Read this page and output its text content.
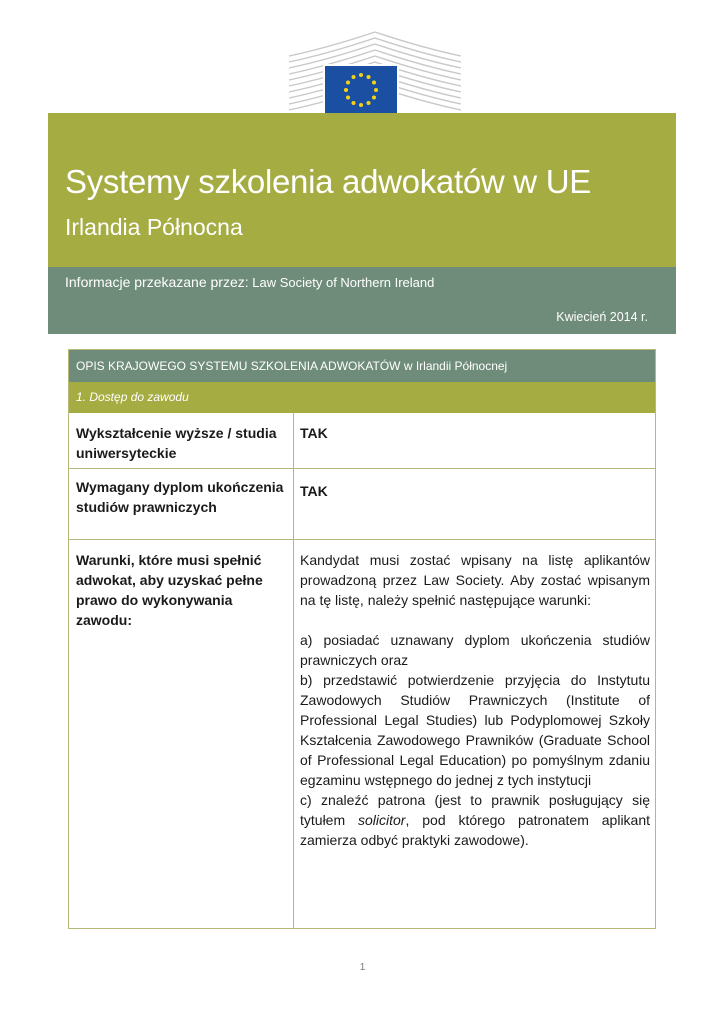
Systemy szkolenia adwokatów w UE
Irlandia Północna
Informacje przekazane przez: Law Society of Northern Ireland
Kwiecień 2014 r.
OPIS KRAJOWEGO SYSTEMU SZKOLENIA ADWOKATÓW w Irlandii Północnej
1. Dostęp do zawodu
Wykształcenie wyższe / studia uniwersyteckie
TAK
Wymagany dyplom ukończenia studiów prawniczych
TAK
Warunki, które musi spełnić adwokat, aby uzyskać pełne prawo do wykonywania zawodu:

Kandydat musi zostać wpisany na listę aplikantów prowadzoną przez Law Society. Aby zostać wpisanym na tę listę, należy spełnić następujące warunki:

a) posiadać uznawany dyplom ukończenia studiów prawniczych oraz

b) przedstawić potwierdzenie przyjęcia do Instytutu Zawodowych Studiów Prawniczych (Institute of Professional Legal Studies) lub Podyplomowej Szkoły Kształcenia Zawodowego Prawników (Graduate School of Professional Legal Education) po pomyślnym zdaniu egzaminu wstępnego do jednej z tych instytucji

c) znaleźć patrona (jest to prawnik posługujący się tytułem solicitor, pod którego patronatem aplikant zamierza odbyć praktyki zawodowe).

1
